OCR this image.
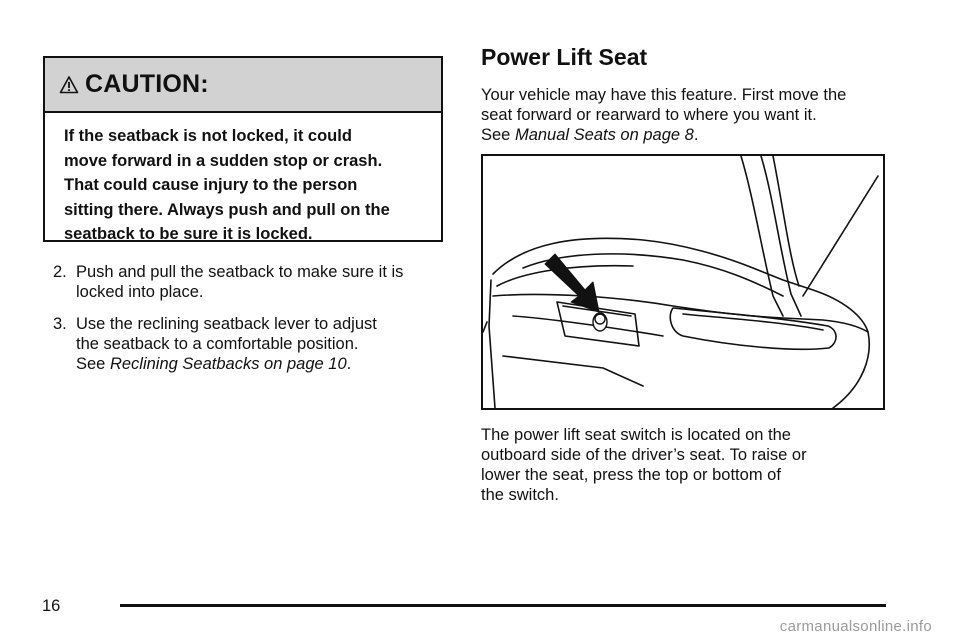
CAUTION:
If the seatback is not locked, it could
move forward in a sudden stop or crash.
That could cause injury to the person
sitting there. Always push and pull on the
seatback to be sure it is locked.
2. Push and pull the seatback to make sure it is
locked into place.
3. Use the reclining seatback lever to adjust
the seatback to a comfortable position.
See Reclining Seatbacks on page 10.
Power Lift Seat
Your vehicle may have this feature. First move the
seat forward or rearward to where you want it.
See Manual Seats on page 8.
The power lift seat switch is located on the
outboard side of the driver’s seat. To raise or
lower the seat, press the top or bottom of
the switch.
16
carmanualsonline.info
